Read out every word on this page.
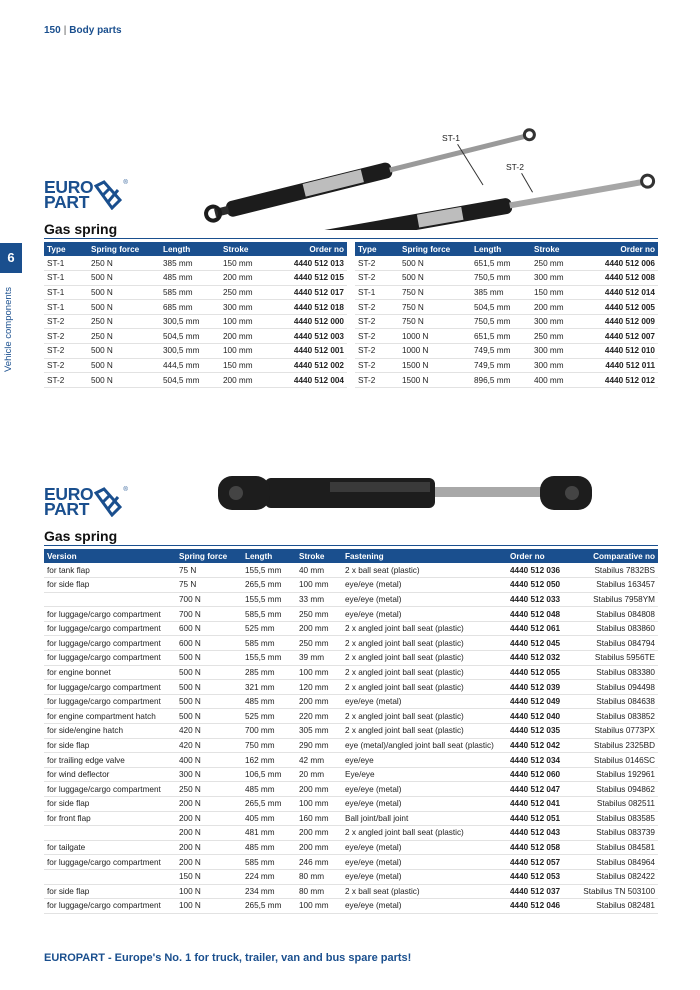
150 | Body parts
6
Vehicle components
ST-1
ST-2
EURO
PART
®
Gas spring
Type	Spring force	Length	Stroke	Order no
ST-1	250 N	385 mm	150 mm	4440 512 013
ST-1	500 N	485 mm	200 mm	4440 512 015
ST-1	500 N	585 mm	250 mm	4440 512 017
ST-1	500 N	685 mm	300 mm	4440 512 018
ST-2	250 N	300,5 mm	100 mm	4440 512 000
ST-2	250 N	504,5 mm	200 mm	4440 512 003
ST-2	500 N	300,5 mm	100 mm	4440 512 001
ST-2	500 N	444,5 mm	150 mm	4440 512 002
ST-2	500 N	504,5 mm	200 mm	4440 512 004
Type	Spring force	Length	Stroke	Order no
ST-2	500 N	651,5 mm	250 mm	4440 512 006
ST-2	500 N	750,5 mm	300 mm	4440 512 008
ST-1	750 N	385 mm	150 mm	4440 512 014
ST-2	750 N	504,5 mm	200 mm	4440 512 005
ST-2	750 N	750,5 mm	300 mm	4440 512 009
ST-2	1000 N	651,5 mm	250 mm	4440 512 007
ST-2	1000 N	749,5 mm	300 mm	4440 512 010
ST-2	1500 N	749,5 mm	300 mm	4440 512 011
ST-2	1500 N	896,5 mm	400 mm	4440 512 012
EURO
PART
®
Gas spring
Version	Spring force	Length	Stroke	Fastening	Order no	Comparative no
for tank flap	75 N	155,5 mm	40 mm	2 x ball seat (plastic)	4440 512 036	Stabilus 7832BS
for side flap	75 N	265,5 mm	100 mm	eye/eye (metal)	4440 512 050	Stabilus 163457
	700 N	155,5 mm	33 mm	eye/eye (metal)	4440 512 033	Stabilus 7958YM
for luggage/cargo compartment	700 N	585,5 mm	250 mm	eye/eye (metal)	4440 512 048	Stabilus 084808
for luggage/cargo compartment	600 N	525 mm	200 mm	2 x angled joint ball seat (plastic)	4440 512 061	Stabilus 083860
for luggage/cargo compartment	600 N	585 mm	250 mm	2 x angled joint ball seat (plastic)	4440 512 045	Stabilus 084794
for luggage/cargo compartment	500 N	155,5 mm	39 mm	2 x angled joint ball seat (plastic)	4440 512 032	Stabilus 5956TE
for engine bonnet	500 N	285 mm	100 mm	2 x angled joint ball seat (plastic)	4440 512 055	Stabilus 083380
for luggage/cargo compartment	500 N	321 mm	120 mm	2 x angled joint ball seat (plastic)	4440 512 039	Stabilus 094498
for luggage/cargo compartment	500 N	485 mm	200 mm	eye/eye (metal)	4440 512 049	Stabilus 084638
for engine compartment hatch	500 N	525 mm	220 mm	2 x angled joint ball seat (plastic)	4440 512 040	Stabilus 083852
for side/engine hatch	420 N	700 mm	305 mm	2 x angled joint ball seat (plastic)	4440 512 035	Stabilus 0773PX
for side flap	420 N	750 mm	290 mm	eye (metal)/angled joint ball seat (plastic)	4440 512 042	Stabilus 2325BD
for trailing edge valve	400 N	162 mm	42 mm	eye/eye	4440 512 034	Stabilus 0146SC
for wind deflector	300 N	106,5 mm	20 mm	Eye/eye	4440 512 060	Stabilus 192961
for luggage/cargo compartment	250 N	485 mm	200 mm	eye/eye (metal)	4440 512 047	Stabilus 094862
for side flap	200 N	265,5 mm	100 mm	eye/eye (metal)	4440 512 041	Stabilus 082511
for front flap	200 N	405 mm	160 mm	Ball joint/ball joint	4440 512 051	Stabilus 083585
	200 N	481 mm	200 mm	2 x angled joint ball seat (plastic)	4440 512 043	Stabilus 083739
for tailgate	200 N	485 mm	200 mm	eye/eye (metal)	4440 512 058	Stabilus 084581
for luggage/cargo compartment	200 N	585 mm	246 mm	eye/eye (metal)	4440 512 057	Stabilus 084964
	150 N	224 mm	80 mm	eye/eye (metal)	4440 512 053	Stabilus 082422
for side flap	100 N	234 mm	80 mm	2 x ball seat (plastic)	4440 512 037	Stabilus TN 503100
for luggage/cargo compartment	100 N	265,5 mm	100 mm	eye/eye (metal)	4440 512 046	Stabilus 082481
EUROPART - Europe's No. 1 for truck, trailer, van and bus spare parts!
